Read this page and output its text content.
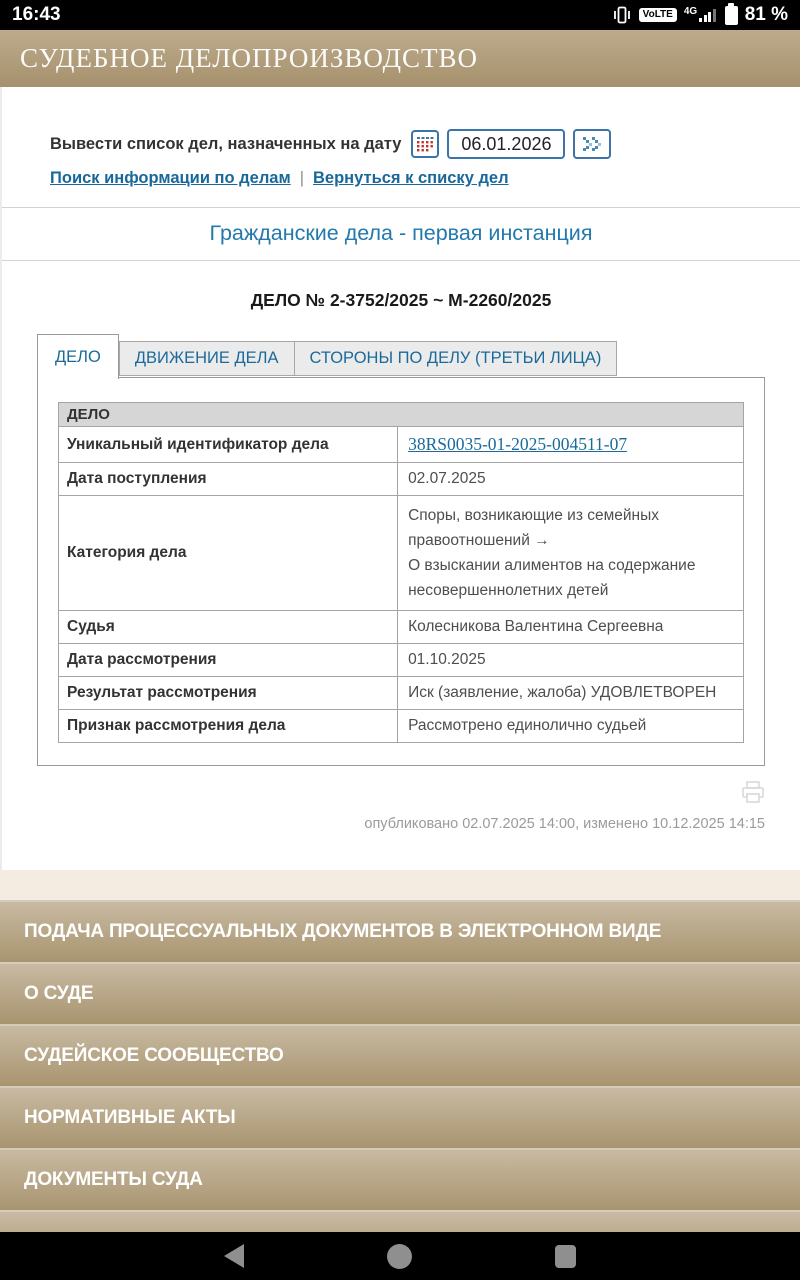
16:43	VoLTE	4G	81 %
СУДЕБНОЕ ДЕЛОПРОИЗВОДСТВО
Вывести список дел, назначенных на дату
06.01.2026
Поиск информации по делам | Вернуться к списку дел
Гражданские дела - первая инстанция
ДЕЛО № 2-3752/2025 ~ М-2260/2025
ДЕЛО ДВИЖЕНИЕ ДЕЛА СТОРОНЫ ПО ДЕЛУ (ТРЕТЬИ ЛИЦА)
ДЕЛО	
Уникальный идентификатор дела	38RS0035-01-2025-004511-07
Дата поступления	02.07.2025
Категория дела	Споры, возникающие из семейных правоотношений →
О взыскании алиментов на содержание несовершеннолетних детей

Судья	Колесникова Валентина Сергеевна
Дата рассмотрения	01.10.2025
Результат рассмотрения	Иск (заявление, жалоба) УДОВЛЕТВОРЕН
Признак рассмотрения дела	Рассмотрено единолично судьей
опубликовано 02.07.2025 14:00, изменено 10.12.2025 14:15
ПОДАЧА ПРОЦЕССУАЛЬНЫХ ДОКУМЕНТОВ В ЭЛЕКТРОННОМ ВИДЕ
О СУДЕ
СУДЕЙСКОЕ СООБЩЕСТВО
НОРМАТИВНЫЕ АКТЫ
ДОКУМЕНТЫ СУДА
